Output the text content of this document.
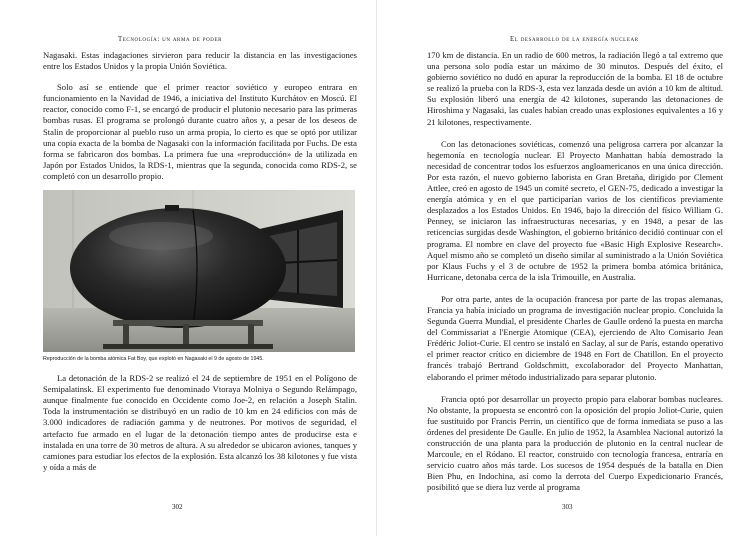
Tecnología: un arma de poder

Nagasaki. Estas indagaciones sirvieron para reducir la distancia en las investigaciones entre los Estados Unidos y la propia Unión Soviética.

Solo así se entiende que el primer reactor soviético y europeo entrara en funcionamiento en la Navidad de 1946, a iniciativa del Instituto Kurchátov en Moscú. El reactor, conocido como F-1, se encargó de producir el plutonio necesario para las primeras bombas rusas. El programa se prolongó durante cuatro años y, a pesar de los deseos de Stalin de proporcionar al pueblo ruso un arma propia, lo cierto es que se optó por utilizar una copia exacta de la bomba de Nagasaki con la información facilitada por Fuchs. De esta forma se fabricaron dos bombas. La primera fue una «reproducción» de la utilizada en Japón por Estados Unidos, la RDS-1, mientras que la segunda, conocida como RDS-2, se completó con un desarrollo propio.

Reproducción de la bomba atómica Fat Boy, que explotó en Nagasaki el 9 de agosto de 1945.

La detonación de la RDS-2 se realizó el 24 de septiembre de 1951 en el Polígono de Semipalatinsk. El experimento fue denominado Vtoraya Molniya o Segundo Relámpago, aunque finalmente fue conocido en Occidente como Joe-2, en relación a Joseph Stalin. Toda la instrumentación se distribuyó en un radio de 10 km en 24 edificios con más de 3.000 indicadores de radiación gamma y de neutrones. Por motivos de seguridad, el artefacto fue armado en el lugar de la detonación tiempo antes de producirse esta e instalada en una torre de 30 metros de altura. A su alrededor se ubicaron aviones, tanques y camiones para estudiar los efectos de la explosión. Esta alcanzó los 38 kilotones y fue vista y oída a más de

302
El desarrollo de la energía nuclear

170 km de distancia. En un radio de 600 metros, la radiación llegó a tal extremo que una persona solo podía estar un máximo de 30 minutos. Después del éxito, el gobierno soviético no dudó en apurar la reproducción de la bomba. El 18 de octubre se realizó la prueba con la RDS-3, esta vez lanzada desde un avión a 10 km de altitud. Su explosión liberó una energía de 42 kilotones, superando las detonaciones de Hiroshima y Nagasaki, las cuales habían creado unas explosiones equivalentes a 16 y 21 kilotones, respectivamente.

Con las detonaciones soviéticas, comenzó una peligrosa carrera por alcanzar la hegemonía en tecnología nuclear. El Proyecto Manhattan había demostrado la necesidad de concentrar todos los esfuerzos angloamericanos en una única dirección. Por esta razón, el nuevo gobierno laborista en Gran Bretaña, dirigido por Clement Attlee, creó en agosto de 1945 un comité secreto, el GEN-75, dedicado a investigar la energía atómica y en el que participarían varios de los científicos previamente desplazados a los Estados Unidos. En 1946, bajo la dirección del físico William G. Penney, se iniciaron las infraestructuras necesarias, y en 1948, a pesar de las reticencias surgidas desde Washington, el gobierno británico decidió continuar con el programa. El nombre en clave del proyecto fue «Basic High Explosive Research». Aquel mismo año se completó un diseño similar al suministrado a la Unión Soviética por Klaus Fuchs y el 3 de octubre de 1952 la primera bomba atómica británica, Hurricane, detonaba cerca de la isla Trimouille, en Australia.

Por otra parte, antes de la ocupación francesa por parte de las tropas alemanas, Francia ya había iniciado un programa de investigación nuclear propio. Concluida la Segunda Guerra Mundial, el presidente Charles de Gaulle ordenó la puesta en marcha del Commissariat a l'Energie Atomique (CEA), ejerciendo de Alto Comisario Jean Frédéric Joliot-Curie. El centro se instaló en Saclay, al sur de París, estando operativo el primer reactor crítico en diciembre de 1948 en Fort de Chatillon. En el proyecto francés trabajó Bertrand Goldschmitt, excolaborador del Proyecto Manhattan, elaborando el primer método industrializado para separar plutonio.

Francia optó por desarrollar un proyecto propio para elaborar bombas nucleares. No obstante, la propuesta se encontró con la oposición del propio Joliot-Curie, quien fue sustituido por Francis Perrin, un científico que de forma inmediata se puso a las órdenes del presidente De Gaulle. En julio de 1952, la Asamblea Nacional autorizó la construcción de una planta para la producción de plutonio en la central nuclear de Marcoule, en el Ródano. El reactor, construido con tecnología francesa, entraría en servicio cuatro años más tarde. Los sucesos de 1954 después de la batalla en Dien Bien Phu, en Indochina, así como la derrota del Cuerpo Expedicionario Francés, posibilitó que se diera luz verde al programa

303
